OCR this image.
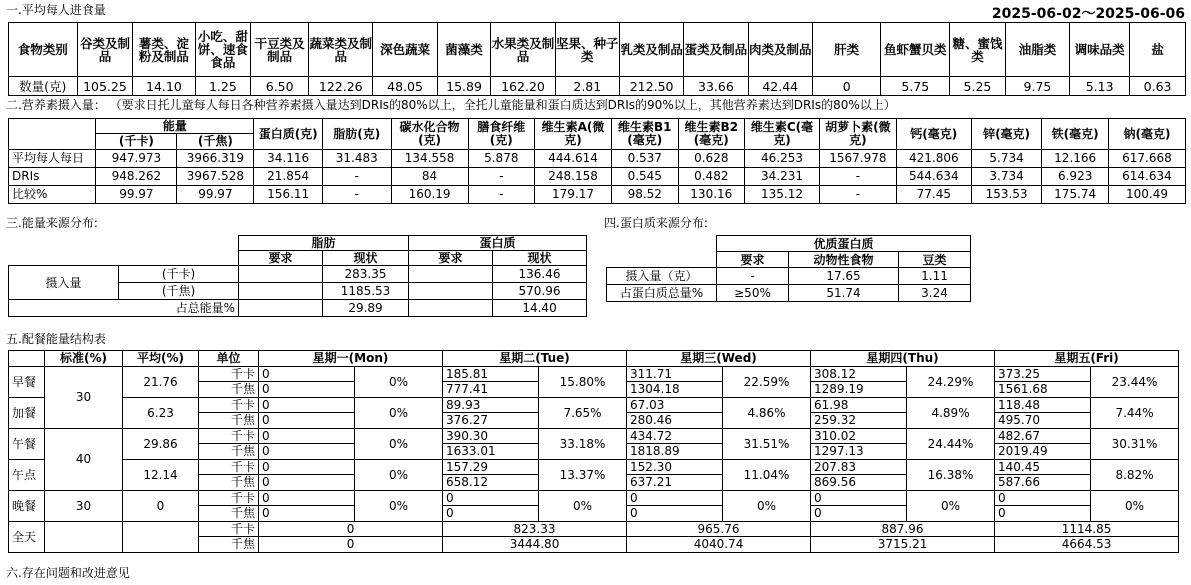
一.平均每人进食量	2025-06-02～2025-06-06
食物类别	谷类及制品	薯类、淀粉及制品	小吃、甜饼、速食食品	干豆类及制品	蔬菜类及制品	深色蔬菜	菌藻类	水果类及制品	坚果、种子类	乳类及制品	蛋类及制品	肉类及制品	肝类	鱼虾蟹贝类	糖、蜜饯类	油脂类	调味品类	盐
数量(克)	105.25	14.10	1.25	6.50	122.26	48.05	15.89	162.20	2.81	212.50	33.66	42.44	0	5.75	5.25	9.75	5.13	0.63
二.营养素摄入量： （要求日托儿童每人每日各种营养素摄入量达到DRIs的80%以上，全托儿童能量和蛋白质达到DRIs的90%以上，其他营养素达到DRIs的80%以上）
	能量		蛋白质(克)	脂肪(克)	碳水化合物(克)	膳食纤维(克)	维生素A(微克)	维生素B1(毫克)	维生素B2(毫克)	维生素C(毫克)	胡萝卜素(微克)	钙(毫克)	锌(毫克)	铁(毫克)	钠(毫克)
	(千卡)	(千焦)													
平均每人每日	947.973	3966.319	34.116	31.483	134.558	5.878	444.614	0.537	0.628	46.253	1567.978	421.806	5.734	12.166	617.668
DRIs	948.262	3967.528	21.854	-	84	-	248.158	0.545	0.482	34.231	-	544.634	3.734	6.923	614.634
比较%	99.97	99.97	156.11	-	160.19	-	179.17	98.52	130.16	135.12	-	77.45	153.53	175.74	100.49
三.能量来源分布:
		脂肪		蛋白质	
		要求	现状	要求	现状
摄入量	(千卡)		283.35		136.46
	(千焦)		1185.53		570.96
占总能量%			29.89		14.40
四.蛋白质来源分布:
	优质蛋白质		
	要求	动物性食物	豆类
摄入量（克）	-	17.65	1.11
占蛋白质总量%	≥50%	51.74	3.24
五.配餐能量结构表
	标准(%)	平均(%)	单位	星期一(Mon)		星期二(Tue)		星期三(Wed)		星期四(Thu)		星期五(Fri)	
早餐	30	21.76	千卡	0	0%	185.81	15.80%	311.71	22.59%	308.12	24.29%	373.25	23.44%
			千焦	0		777.41		1304.18		1289.19		1561.68	
加餐		6.23	千卡	0	0%	89.93	7.65%	67.03	4.86%	61.98	4.89%	118.48	7.44%
			千焦	0		376.27		280.46		259.32		495.70	
午餐	40	29.86	千卡	0	0%	390.30	33.18%	434.72	31.51%	310.02	24.44%	482.67	30.31%
			千焦	0		1633.01		1818.89		1297.13		2019.49	
午点		12.14	千卡	0	0%	157.29	13.37%	152.30	11.04%	207.83	16.38%	140.45	8.82%
			千焦	0		658.12		637.21		869.56		587.66	
晚餐	30	0	千卡	0	0%	0	0%	0	0%	0	0%	0	0%
			千焦	0		0		0		0		0	
全天			千卡	0		823.33		965.76		887.96		1114.85	
			千焦	0		3444.80		4040.74		3715.21		4664.53	
六.存在问题和改进意见
